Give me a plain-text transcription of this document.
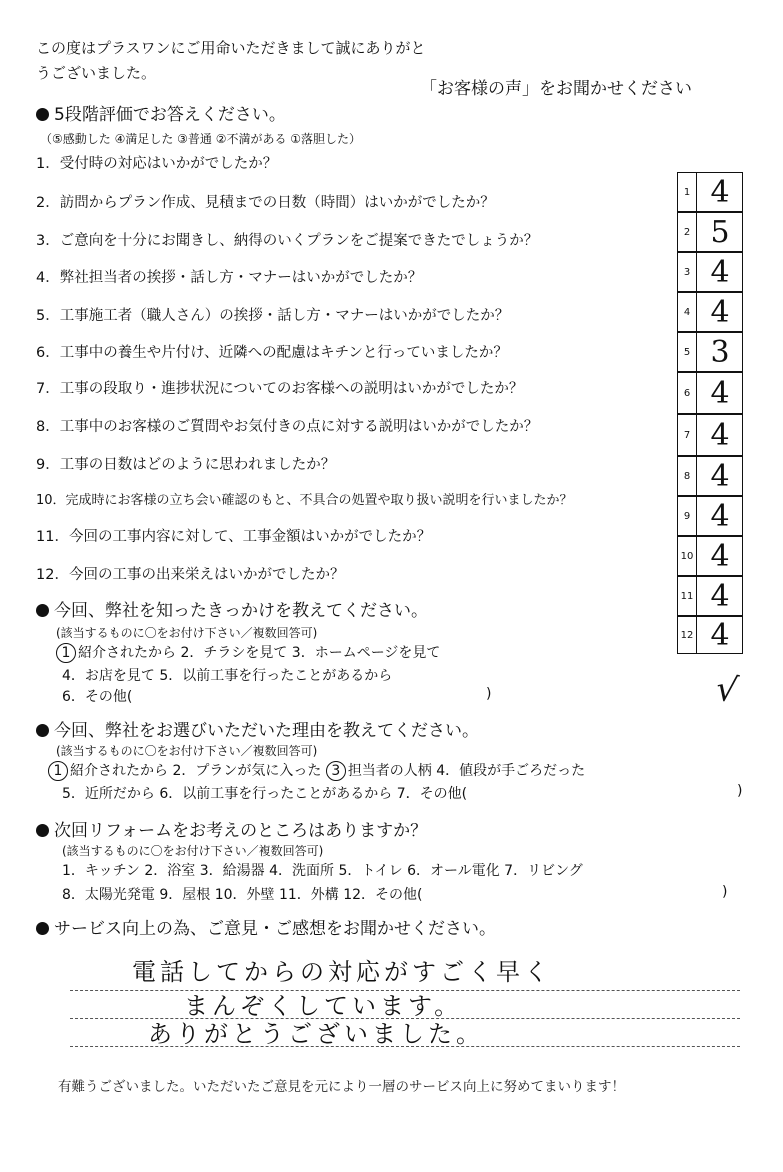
この度はプラスワンにご用命いただきまして誠にありがとうございました。
「お客様の声」をお聞かせください
5段階評価でお答えください。
（⑤感動した ④満足した ③普通 ②不満がある ①落胆した）
1．受付時の対応はいかがでしたか？
2．訪問からプラン作成、見積までの日数（時間）はいかがでしたか？
3．ご意向を十分にお聞きし、納得のいくプランをご提案できたでしょうか？
4．弊社担当者の挨拶・話し方・マナーはいかがでしたか？
5．工事施工者（職人さん）の挨拶・話し方・マナーはいかがでしたか？
6．工事中の養生や片付け、近隣への配慮はキチンと行っていましたか？
7．工事の段取り・進捗状況についてのお客様への説明はいかがでしたか？
8．工事中のお客様のご質問やお気付きの点に対する説明はいかがでしたか？
9．工事の日数はどのように思われましたか？
10．完成時にお客様の立ち会い確認のもと、不具合の処置や取り扱い説明を行いましたか？
11．今回の工事内容に対して、工事金額はいかがでしたか？
12．今回の工事の出来栄えはいかがでしたか？
1 4
2 5
3 4
4 4
5 3
6 4
7 4
8 4
9 4
10 4
11 4
12 4
√
今回、弊社を知ったきっかけを教えてください。
(該当するものに〇をお付け下さい／複数回答可)
1 紹介されたから 2．チラシを見て 3．ホームページを見て
4．お店を見て 5．以前工事を行ったことがあるから
6．その他(	)
今回、弊社をお選びいただいた理由を教えてください。
(該当するものに〇をお付け下さい／複数回答可)
1 紹介されたから 2．プランが気に入った 3 担当者の人柄 4．値段が手ごろだった
5．近所だから 6．以前工事を行ったことがあるから 7．その他(	)
次回リフォームをお考えのところはありますか？
(該当するものに〇をお付け下さい／複数回答可)
1．キッチン 2．浴室 3．給湯器 4．洗面所 5．トイレ 6．オール電化 7．リビング
8．太陽光発電 9．屋根 10．外壁 11．外構 12．その他(	)
サービス向上の為、ご意見・ご感想をお聞かせください。
電話してからの対応がすごく早く
まんぞくしています。
ありがとうございました。
有難うございました。いただいたご意見を元により一層のサービス向上に努めてまいります！
